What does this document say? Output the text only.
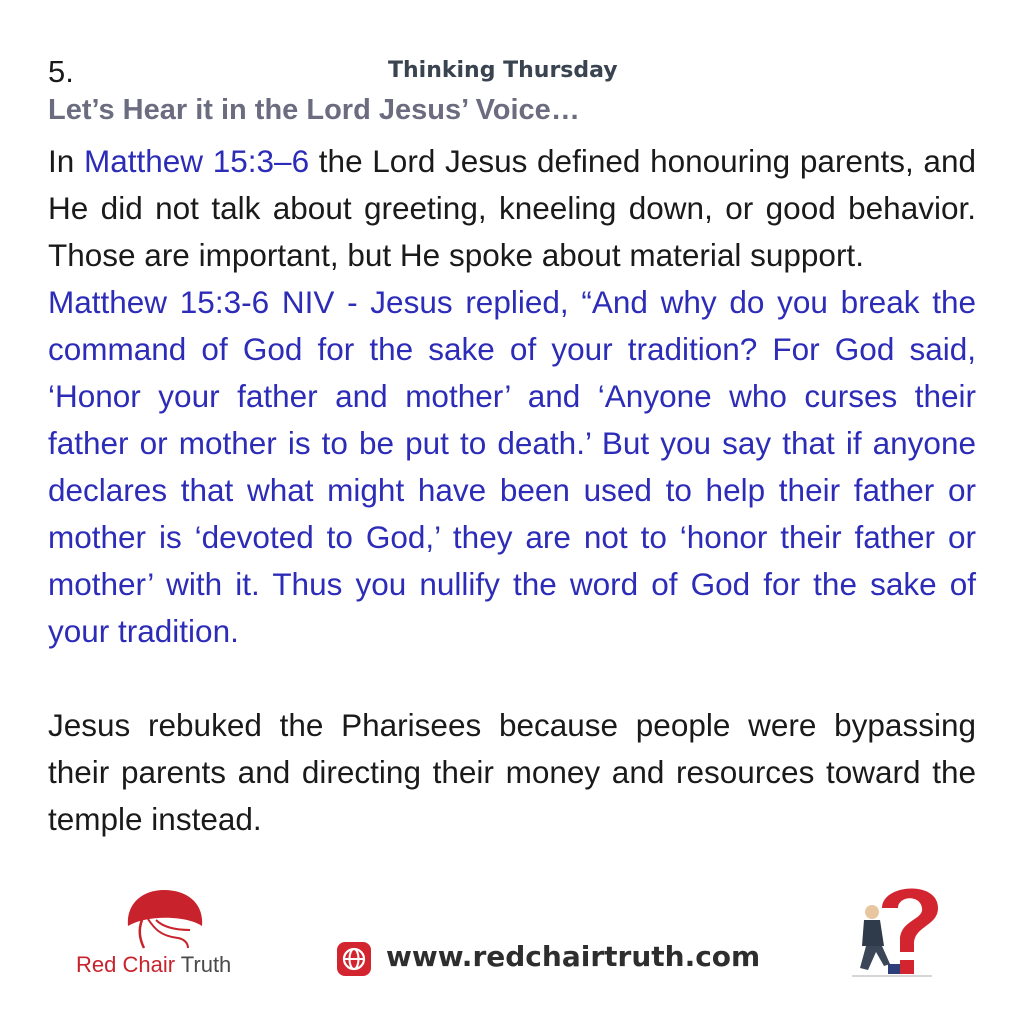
5.	Thinking Thursday
Let’s Hear it in the Lord Jesus’ Voice…

In Matthew 15:3–6 the Lord Jesus defined honouring parents, and He did not talk about greeting, kneeling down, or good behavior. Those are important, but He spoke about material support.

Matthew 15:3-6 NIV - Jesus replied, “And why do you break the command of God for the sake of your tradition? For God said, ‘Honor your father and mother’ and ‘Anyone who curses their father or mother is to be put to death.’ But you say that if anyone declares that what might have been used to help their father or mother is ‘devoted to God,’ they are not to ‘honor their father or mother’ with it. Thus you nullify the word of God for the sake of your tradition.

Jesus rebuked the Pharisees because people were bypassing their parents and directing their money and resources toward the temple instead.

Red Chair Truth	www.redchairtruth.com
